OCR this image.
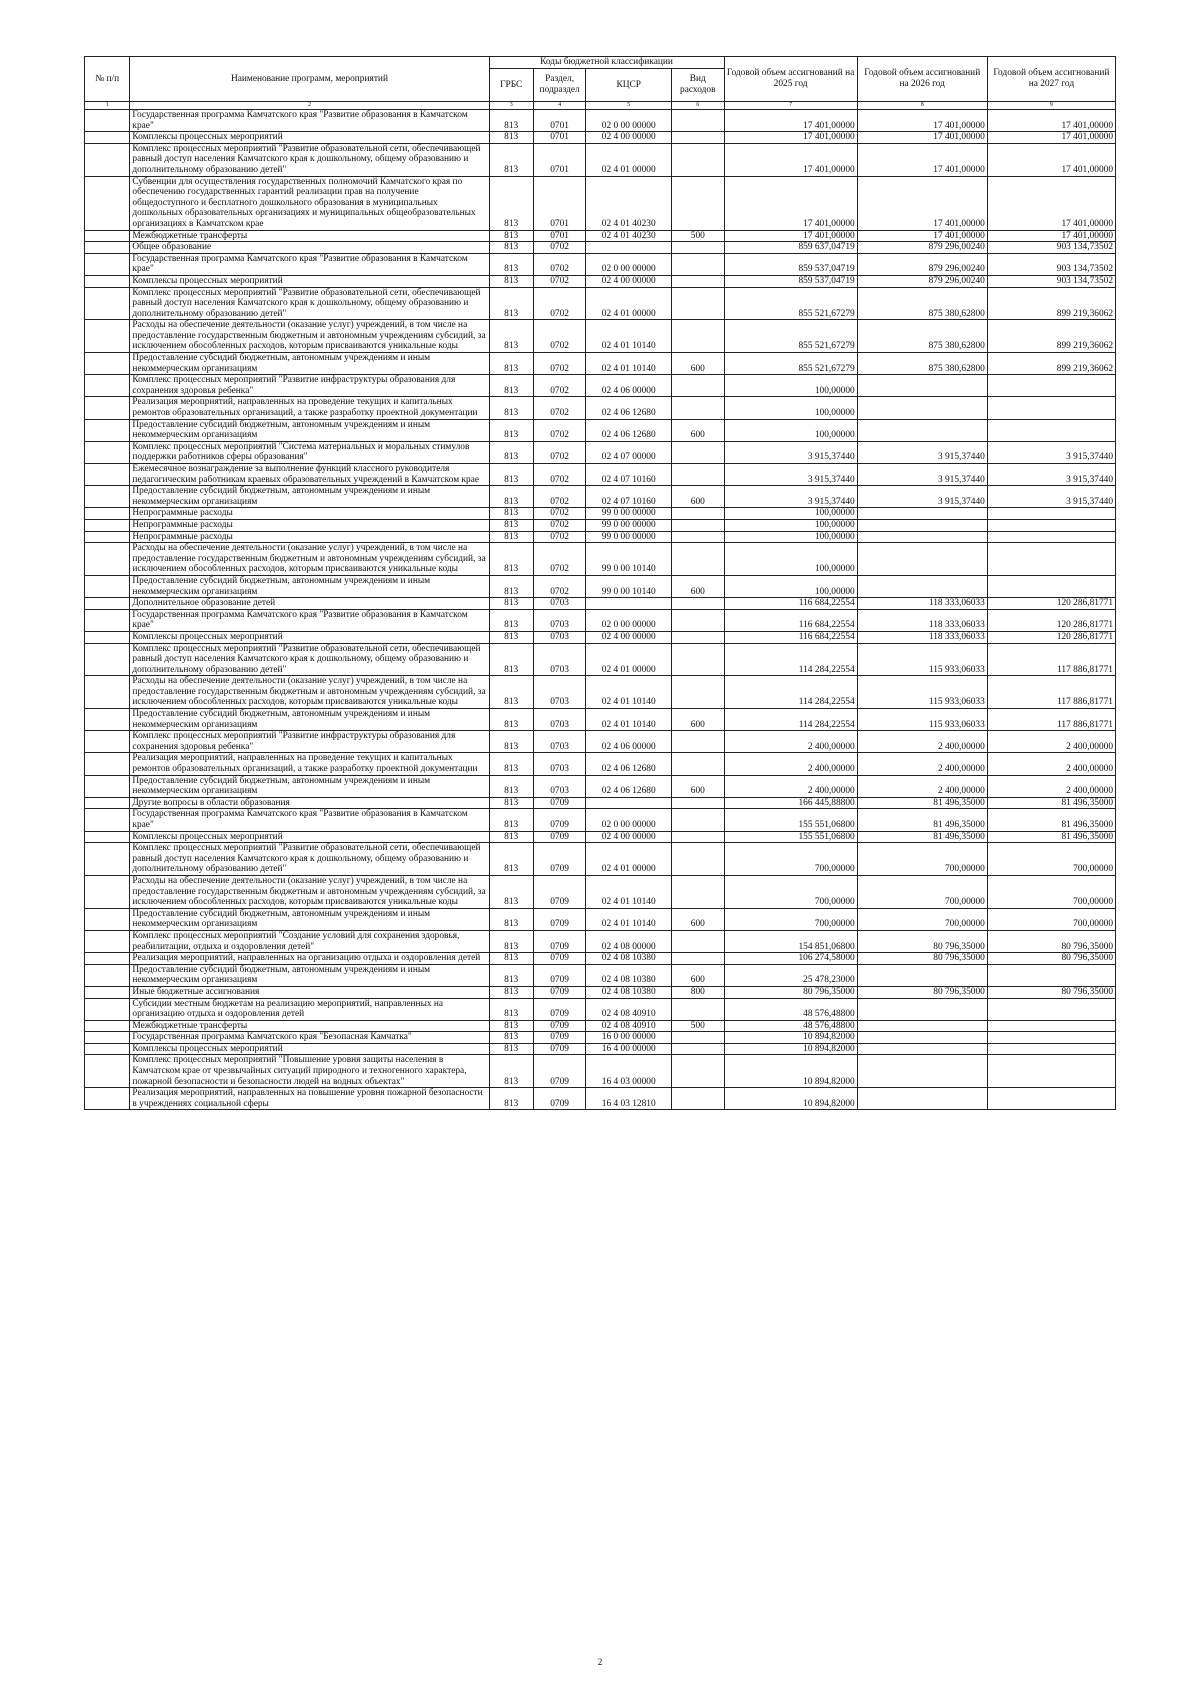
№ п/п	Наименование программ, мероприятий	Коды бюджетной классификации				Годовой объем ассигнований на 2025 год	Годовой объем ассигнований на 2026 год	Годовой объем ассигнований на 2027 год
		ГРБС	Раздел, подраздел	КЦСР	Вид расходов			
1	2	3	4	5	6	7	8	9
	Государственная программа Камчатского края "Развитие образования в Камчатском крае"	813	0701	02 0 00 00000		17 401,00000	17 401,00000	17 401,00000
	Комплексы процессных мероприятий	813	0701	02 4 00 00000		17 401,00000	17 401,00000	17 401,00000
	Комплекс процессных мероприятий "Развитие образовательной сети, обеспечивающей равный доступ населения Камчатского края к дошкольному, общему образованию и дополнительному образованию детей"	813	0701	02 4 01 00000		17 401,00000	17 401,00000	17 401,00000
	Субвенции для осуществления государственных полномочий Камчатского края по обеспечению государственных гарантий реализации прав на получение общедоступного и бесплатного дошкольного образования в муниципальных дошкольных образовательных организациях и муниципальных общеобразовательных организациях в Камчатском крае	813	0701	02 4 01 40230		17 401,00000	17 401,00000	17 401,00000
	Межбюджетные трансферты	813	0701	02 4 01 40230	500	17 401,00000	17 401,00000	17 401,00000
	Общее образование	813	0702			859 637,04719	879 296,00240	903 134,73502
	Государственная программа Камчатского края "Развитие образования в Камчатском крае"	813	0702	02 0 00 00000		859 537,04719	879 296,00240	903 134,73502
	Комплексы процессных мероприятий	813	0702	02 4 00 00000		859 537,04719	879 296,00240	903 134,73502
	Комплекс процессных мероприятий "Развитие образовательной сети, обеспечивающей равный доступ населения Камчатского края к дошкольному, общему образованию и дополнительному образованию детей"	813	0702	02 4 01 00000		855 521,67279	875 380,62800	899 219,36062
	Расходы на обеспечение деятельности (оказание услуг) учреждений, в том числе на предоставление государственным бюджетным и автономным учреждениям субсидий, за исключением обособленных расходов, которым присваиваются уникальные коды	813	0702	02 4 01 10140		855 521,67279	875 380,62800	899 219,36062
	Предоставление субсидий бюджетным, автономным учреждениям и иным некоммерческим организациям	813	0702	02 4 01 10140	600	855 521,67279	875 380,62800	899 219,36062
	Комплекс процессных мероприятий "Развитие инфраструктуры образования для сохранения здоровья ребенка"	813	0702	02 4 06 00000		100,00000		
	Реализация мероприятий, направленных на проведение текущих и капитальных ремонтов образовательных организаций, а также разработку проектной документации	813	0702	02 4 06 12680		100,00000		
	Предоставление субсидий бюджетным, автономным учреждениям и иным некоммерческим организациям	813	0702	02 4 06 12680	600	100,00000		
	Комплекс процессных мероприятий "Система материальных и моральных стимулов поддержки работников сферы образования"	813	0702	02 4 07 00000		3 915,37440	3 915,37440	3 915,37440
	Ежемесячное вознаграждение за выполнение функций классного руководителя педагогическим работникам краевых образовательных учреждений в Камчатском крае	813	0702	02 4 07 10160		3 915,37440	3 915,37440	3 915,37440
	Предоставление субсидий бюджетным, автономным учреждениям и иным некоммерческим организациям	813	0702	02 4 07 10160	600	3 915,37440	3 915,37440	3 915,37440
	Непрограммные расходы	813	0702	99 0 00 00000		100,00000		
	Непрограммные расходы	813	0702	99 0 00 00000		100,00000		
	Непрограммные расходы	813	0702	99 0 00 00000		100,00000		
	Расходы на обеспечение деятельности (оказание услуг) учреждений, в том числе на предоставление государственным бюджетным и автономным учреждениям субсидий, за исключением обособленных расходов, которым присваиваются уникальные коды	813	0702	99 0 00 10140		100,00000		
	Предоставление субсидий бюджетным, автономным учреждениям и иным некоммерческим организациям	813	0702	99 0 00 10140	600	100,00000		
	Дополнительное образование детей	813	0703			116 684,22554	118 333,06033	120 286,81771
	Государственная программа Камчатского края "Развитие образования в Камчатском крае"	813	0703	02 0 00 00000		116 684,22554	118 333,06033	120 286,81771
	Комплексы процессных мероприятий	813	0703	02 4 00 00000		116 684,22554	118 333,06033	120 286,81771
	Комплекс процессных мероприятий "Развитие образовательной сети, обеспечивающей равный доступ населения Камчатского края к дошкольному, общему образованию и дополнительному образованию детей"	813	0703	02 4 01 00000		114 284,22554	115 933,06033	117 886,81771
	Расходы на обеспечение деятельности (оказание услуг) учреждений, в том числе на предоставление государственным бюджетным и автономным учреждениям субсидий, за исключением обособленных расходов, которым присваиваются уникальные коды	813	0703	02 4 01 10140		114 284,22554	115 933,06033	117 886,81771
	Предоставление субсидий бюджетным, автономным учреждениям и иным некоммерческим организациям	813	0703	02 4 01 10140	600	114 284,22554	115 933,06033	117 886,81771
	Комплекс процессных мероприятий "Развитие инфраструктуры образования для сохранения здоровья ребенка"	813	0703	02 4 06 00000		2 400,00000	2 400,00000	2 400,00000
	Реализация мероприятий, направленных на проведение текущих и капитальных ремонтов образовательных организаций, а также разработку проектной документации	813	0703	02 4 06 12680		2 400,00000	2 400,00000	2 400,00000
	Предоставление субсидий бюджетным, автономным учреждениям и иным некоммерческим организациям	813	0703	02 4 06 12680	600	2 400,00000	2 400,00000	2 400,00000
	Другие вопросы в области образования	813	0709			166 445,88800	81 496,35000	81 496,35000
	Государственная программа Камчатского края "Развитие образования в Камчатском крае"	813	0709	02 0 00 00000		155 551,06800	81 496,35000	81 496,35000
	Комплексы процессных мероприятий	813	0709	02 4 00 00000		155 551,06800	81 496,35000	81 496,35000
	Комплекс процессных мероприятий "Развитие образовательной сети, обеспечивающей равный доступ населения Камчатского края к дошкольному, общему образованию и дополнительному образованию детей"	813	0709	02 4 01 00000		700,00000	700,00000	700,00000
	Расходы на обеспечение деятельности (оказание услуг) учреждений, в том числе на предоставление государственным бюджетным и автономным учреждениям субсидий, за исключением обособленных расходов, которым присваиваются уникальные коды	813	0709	02 4 01 10140		700,00000	700,00000	700,00000
	Предоставление субсидий бюджетным, автономным учреждениям и иным некоммерческим организациям	813	0709	02 4 01 10140	600	700,00000	700,00000	700,00000
	Комплекс процессных мероприятий "Создание условий для сохранения здоровья, реабилитации, отдыха и оздоровления детей"	813	0709	02 4 08 00000		154 851,06800	80 796,35000	80 796,35000
	Реализация мероприятий, направленных на организацию отдыха и оздоровления детей	813	0709	02 4 08 10380		106 274,58000	80 796,35000	80 796,35000
	Предоставление субсидий бюджетным, автономным учреждениям и иным некоммерческим организациям	813	0709	02 4 08 10380	600	25 478,23000		
	Иные бюджетные ассигнования	813	0709	02 4 08 10380	800	80 796,35000	80 796,35000	80 796,35000
	Субсидии местным бюджетам на реализацию мероприятий, направленных на организацию отдыха и оздоровления детей	813	0709	02 4 08 40910		48 576,48800		
	Межбюджетные трансферты	813	0709	02 4 08 40910	500	48 576,48800		
	Государственная программа Камчатского края "Безопасная Камчатка"	813	0709	16 0 00 00000		10 894,82000		
	Комплексы процессных мероприятий	813	0709	16 4 00 00000		10 894,82000		
	Комплекс процессных мероприятий "Повышение уровня защиты населения в Камчатском крае от чрезвычайных ситуаций природного и техногенного характера, пожарной безопасности и безопасности людей на водных объектах"	813	0709	16 4 03 00000		10 894,82000		
	Реализация мероприятий, направленных на повышение уровня пожарной безопасности в учреждениях социальной сферы	813	0709	16 4 03 12810		10 894,82000		
2
